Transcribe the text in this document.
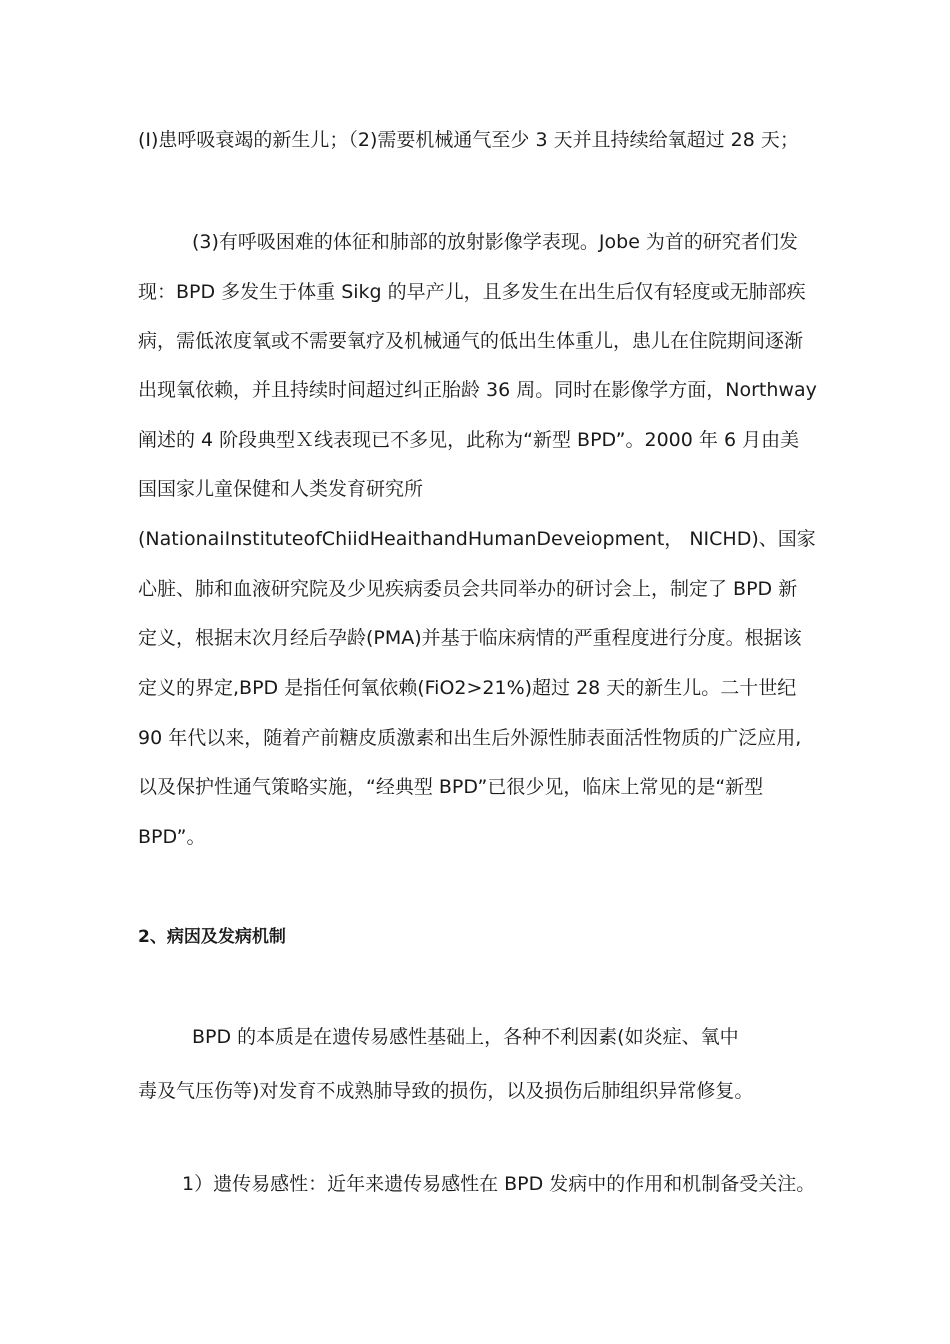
(I)患呼吸衰竭的新生儿；（2)需要机械通气至少 3 天并且持续给氧超过 28 天；
(3)有呼吸困难的体征和肺部的放射影像学表现。Jobe 为首的研究者们发
现：BPD 多发生于体重 Sikg 的早产儿，且多发生在出生后仅有轻度或无肺部疾
病，需低浓度氧或不需要氧疗及机械通气的低出生体重儿，患儿在住院期间逐渐
出现氧依赖，并且持续时间超过纠正胎龄 36 周。同时在影像学方面，Northway
阐述的 4 阶段典型Ｘ线表现已不多见，此称为“新型 BPD”。2000 年 6 月由美
国国家儿童保健和人类发育研究所
(NationaiInstituteofChiidHeaithandHumanDeveiopment， NICHD)、国家
心脏、肺和血液研究院及少见疾病委员会共同举办的研讨会上，制定了 BPD 新
定义，根据末次月经后孕龄(PMA)并基于临床病情的严重程度进行分度。根据该
定义的界定,BPD 是指任何氧依赖(FiO2>21%)超过 28 天的新生儿。二十世纪
90 年代以来，随着产前糖皮质激素和出生后外源性肺表面活性物质的广泛应用,
以及保护性通气策略实施，“经典型 BPD”已很少见，临床上常见的是“新型
BPD”。
2、病因及发病机制
BPD 的本质是在遗传易感性基础上，各种不利因素(如炎症、氧中
毒及气压伤等)对发育不成熟肺导致的损伤，以及损伤后肺组织异常修复。
1）遗传易感性：近年来遗传易感性在 BPD 发病中的作用和机制备受关注。
